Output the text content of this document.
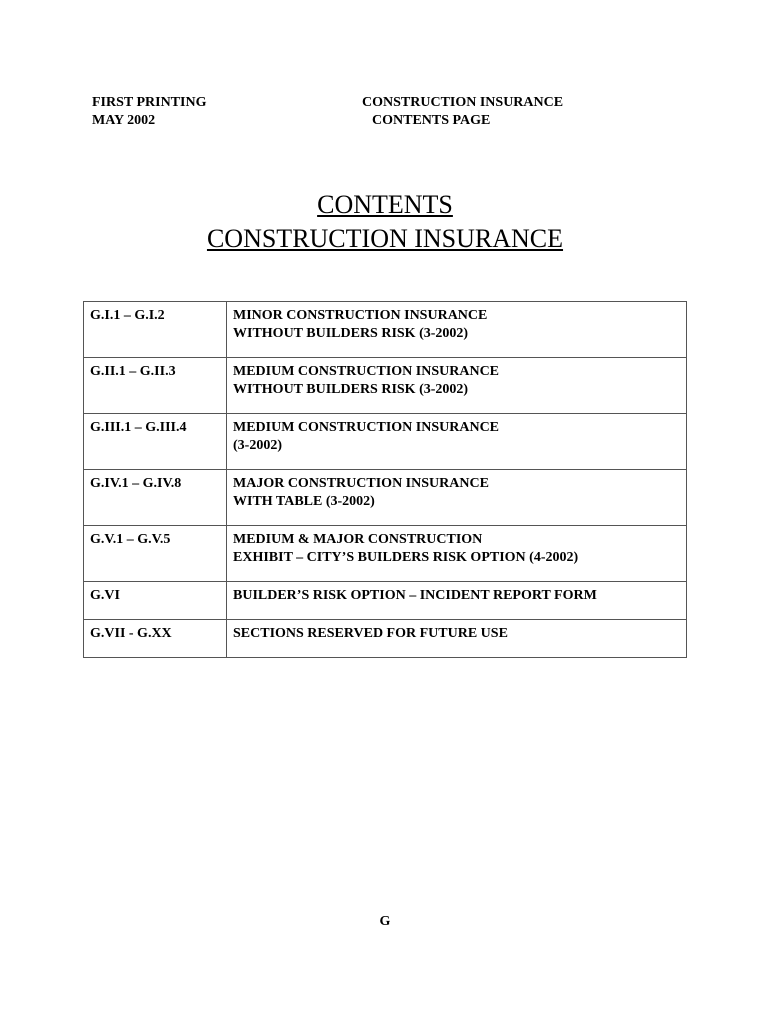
FIRST PRINTING
MAY 2002
CONSTRUCTION INSURANCE
CONTENTS PAGE
CONTENTS
CONSTRUCTION INSURANCE
G.I.1 – G.I.2	MINOR CONSTRUCTION INSURANCE
WITHOUT BUILDERS RISK (3-2002)

G.II.1 – G.II.3	MEDIUM CONSTRUCTION INSURANCE
WITHOUT BUILDERS RISK (3-2002)

G.III.1 – G.III.4	MEDIUM CONSTRUCTION INSURANCE
(3-2002)

G.IV.1 – G.IV.8	MAJOR CONSTRUCTION INSURANCE
WITH TABLE (3-2002)

G.V.1 – G.V.5	MEDIUM & MAJOR CONSTRUCTION
EXHIBIT – CITY’S BUILDERS RISK OPTION (4-2002)

G.VI	BUILDER’S RISK OPTION – INCIDENT REPORT FORM

G.VII - G.XX	SECTIONS RESERVED FOR FUTURE USE
G
